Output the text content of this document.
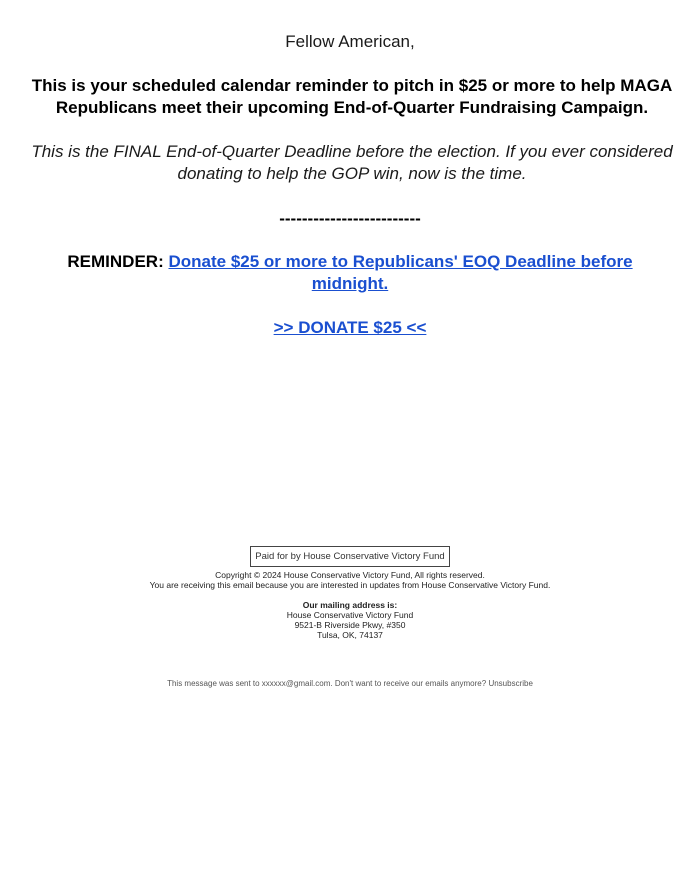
Fellow American,
This is your scheduled calendar reminder to pitch in $25 or more to help MAGA Republicans meet their upcoming End-of-Quarter Fundraising Campaign.
This is the FINAL End-of-Quarter Deadline before the election. If you ever considered donating to help the GOP win, now is the time.
-------------------------
REMINDER: Donate $25 or more to Republicans' EOQ Deadline before midnight.
>> DONATE $25 <<
Paid for by House Conservative Victory Fund
Copyright © 2024 House Conservative Victory Fund, All rights reserved.
You are receiving this email because you are interested in updates from House Conservative Victory Fund.
Our mailing address is:
House Conservative Victory Fund
9521-B Riverside Pkwy, #350
Tulsa, OK, 74137
This message was sent to xxxxxx@gmail.com. Don't want to receive our emails anymore? Unsubscribe
